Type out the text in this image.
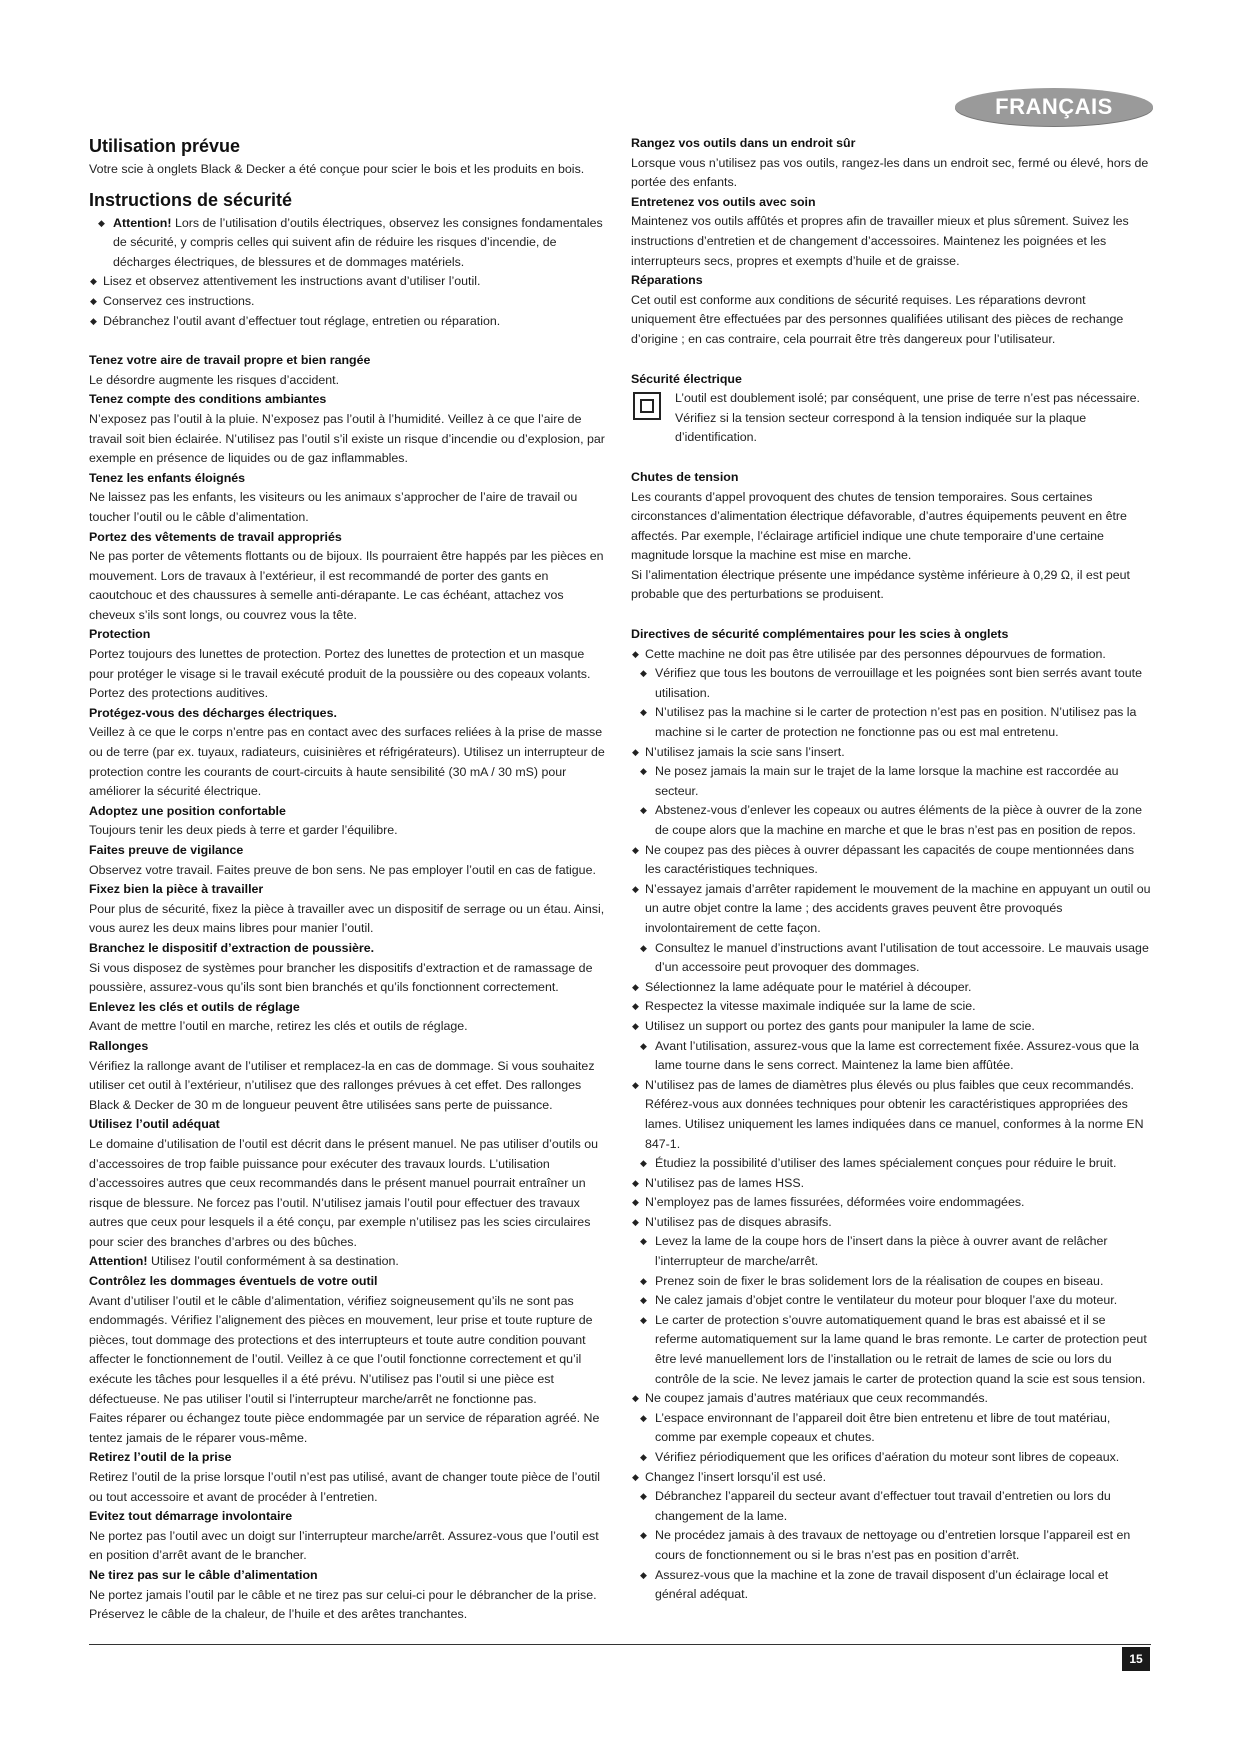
FRANÇAIS
Utilisation prévue

Votre scie à onglets Black & Decker a été conçue pour scier le bois et les produits en bois.

Instructions de sécurité

◆ Attention! Lors de l’utilisation d’outils électriques, observez les consignes fondamentales de sécurité, y compris celles qui suivent afin de réduire les risques d’incendie, de décharges électriques, de blessures et de dommages matériels.

◆ Lisez et observez attentivement les instructions avant d’utiliser l’outil.

◆ Conservez ces instructions.

◆ Débranchez l’outil avant d’effectuer tout réglage, entretien ou réparation.

Tenez votre aire de travail propre et bien rangée

Le désordre augmente les risques d’accident.

Tenez compte des conditions ambiantes

N’exposez pas l’outil à la pluie. N’exposez pas l’outil à l’humidité. Veillez à ce que l’aire de travail soit bien éclairée. N’utilisez pas l’outil s’il existe un risque d’incendie ou d’explosion, par exemple en présence de liquides ou de gaz inflammables.

Tenez les enfants éloignés

Ne laissez pas les enfants, les visiteurs ou les animaux s’approcher de l’aire de travail ou toucher l’outil ou le câble d’alimentation.

Portez des vêtements de travail appropriés

Ne pas porter de vêtements flottants ou de bijoux. Ils pourraient être happés par les pièces en mouvement. Lors de travaux à l’extérieur, il est recommandé de porter des gants en caoutchouc et des chaussures à semelle anti-dérapante. Le cas échéant, attachez vos cheveux s’ils sont longs, ou couvrez vous la tête.

Protection

Portez toujours des lunettes de protection. Portez des lunettes de protection et un masque pour protéger le visage si le travail exécuté produit de la poussière ou des copeaux volants. Portez des protections auditives.

Protégez-vous des décharges électriques.

Veillez à ce que le corps n’entre pas en contact avec des surfaces reliées à la prise de masse ou de terre (par ex. tuyaux, radiateurs, cuisinières et réfrigérateurs). Utilisez un interrupteur de protection contre les courants de court-circuits à haute sensibilité (30 mA / 30 mS) pour améliorer la sécurité électrique.

Adoptez une position confortable

Toujours tenir les deux pieds à terre et garder l’équilibre.

Faites preuve de vigilance

Observez votre travail. Faites preuve de bon sens. Ne pas employer l’outil en cas de fatigue.

Fixez bien la pièce à travailler

Pour plus de sécurité, fixez la pièce à travailler avec un dispositif de serrage ou un étau. Ainsi, vous aurez les deux mains libres pour manier l’outil.

Branchez le dispositif d’extraction de poussière.

Si vous disposez de systèmes pour brancher les dispositifs d’extraction et de ramassage de poussière, assurez-vous qu’ils sont bien branchés et qu’ils fonctionnent correctement.

Enlevez les clés et outils de réglage

Avant de mettre l’outil en marche, retirez les clés et outils de réglage.

Rallonges

Vérifiez la rallonge avant de l’utiliser et remplacez-la en cas de dommage. Si vous souhaitez utiliser cet outil à l’extérieur, n’utilisez que des rallonges prévues à cet effet. Des rallonges Black & Decker de 30 m de longueur peuvent être utilisées sans perte de puissance.

Utilisez l’outil adéquat

Le domaine d’utilisation de l’outil est décrit dans le présent manuel. Ne pas utiliser d’outils ou d’accessoires de trop faible puissance pour exécuter des travaux lourds. L’utilisation d’accessoires autres que ceux recommandés dans le présent manuel pourrait entraîner un risque de blessure. Ne forcez pas l’outil. N’utilisez jamais l’outil pour effectuer des travaux autres que ceux pour lesquels il a été conçu, par exemple n’utilisez pas les scies circulaires pour scier des branches d’arbres ou des bûches.

Attention! Utilisez l’outil conformément à sa destination.

Contrôlez les dommages éventuels de votre outil

Avant d’utiliser l’outil et le câble d’alimentation, vérifiez soigneusement qu’ils ne sont pas endommagés. Vérifiez l’alignement des pièces en mouvement, leur prise et toute rupture de pièces, tout dommage des protections et des interrupteurs et toute autre condition pouvant affecter le fonctionnement de l’outil. Veillez à ce que l’outil fonctionne correctement et qu’il exécute les tâches pour lesquelles il a été prévu. N’utilisez pas l’outil si une pièce est défectueuse. Ne pas utiliser l’outil si l’interrupteur marche/arrêt ne fonctionne pas.

Faites réparer ou échangez toute pièce endommagée par un service de réparation agréé. Ne tentez jamais de le réparer vous-même.

Retirez l’outil de la prise

Retirez l’outil de la prise lorsque l’outil n’est pas utilisé, avant de changer toute pièce de l’outil ou tout accessoire et avant de procéder à l’entretien.

Evitez tout démarrage involontaire

Ne portez pas l’outil avec un doigt sur l’interrupteur marche/arrêt. Assurez-vous que l’outil est en position d’arrêt avant de le brancher.

Ne tirez pas sur le câble d’alimentation

Ne portez jamais l’outil par le câble et ne tirez pas sur celui-ci pour le débrancher de la prise. Préservez le câble de la chaleur, de l’huile et des arêtes tranchantes.

Rangez vos outils dans un endroit sûr

Lorsque vous n’utilisez pas vos outils, rangez-les dans un endroit sec, fermé ou élevé, hors de portée des enfants.

Entretenez vos outils avec soin

Maintenez vos outils affûtés et propres afin de travailler mieux et plus sûrement. Suivez les instructions d’entretien et de changement d’accessoires. Maintenez les poignées et les interrupteurs secs, propres et exempts d’huile et de graisse.

Réparations

Cet outil est conforme aux conditions de sécurité requises. Les réparations devront uniquement être effectuées par des personnes qualifiées utilisant des pièces de rechange d’origine ; en cas contraire, cela pourrait être très dangereux pour l’utilisateur.

Sécurité électrique

L’outil est doublement isolé; par conséquent, une prise de terre n’est pas nécessaire. Vérifiez si la tension secteur correspond à la tension indiquée sur la plaque d’identification.

Chutes de tension

Les courants d’appel provoquent des chutes de tension temporaires. Sous certaines circonstances d’alimentation électrique défavorable, d’autres équipements peuvent en être affectés. Par exemple, l’éclairage artificiel indique une chute temporaire d’une certaine magnitude lorsque la machine est mise en marche.

Si l’alimentation électrique présente une impédance système inférieure à 0,29 Ω, il est peut probable que des perturbations se produisent.

Directives de sécurité complémentaires pour les scies à onglets

◆ Cette machine ne doit pas être utilisée par des personnes dépourvues de formation.

◆ Vérifiez que tous les boutons de verrouillage et les poignées sont bien serrés avant toute utilisation.

◆ N’utilisez pas la machine si le carter de protection n’est pas en position. N’utilisez pas la machine si le carter de protection ne fonctionne pas ou est mal entretenu.

◆ N’utilisez jamais la scie sans l’insert.

◆ Ne posez jamais la main sur le trajet de la lame lorsque la machine est raccordée au secteur.

◆ Abstenez-vous d’enlever les copeaux ou autres éléments de la pièce à ouvrer de la zone de coupe alors que la machine en marche et que le bras n’est pas en position de repos.

◆ Ne coupez pas des pièces à ouvrer dépassant les capacités de coupe mentionnées dans les caractéristiques techniques.

◆ N’essayez jamais d’arrêter rapidement le mouvement de la machine en appuyant un outil ou un autre objet contre la lame ; des accidents graves peuvent être provoqués involontairement de cette façon.

◆ Consultez le manuel d’instructions avant l’utilisation de tout accessoire. Le mauvais usage d’un accessoire peut provoquer des dommages.

◆ Sélectionnez la lame adéquate pour le matériel à découper.

◆ Respectez la vitesse maximale indiquée sur la lame de scie.

◆ Utilisez un support ou portez des gants pour manipuler la lame de scie.

◆ Avant l’utilisation, assurez-vous que la lame est correctement fixée. Assurez-vous que la lame tourne dans le sens correct. Maintenez la lame bien affûtée.

◆ N’utilisez pas de lames de diamètres plus élevés ou plus faibles que ceux recommandés. Référez-vous aux données techniques pour obtenir les caractéristiques appropriées des lames. Utilisez uniquement les lames indiquées dans ce manuel, conformes à la norme EN 847-1.

◆ Étudiez la possibilité d’utiliser des lames spécialement conçues pour réduire le bruit.

◆ N’utilisez pas de lames HSS.

◆ N’employez pas de lames fissurées, déformées voire endommagées.

◆ N’utilisez pas de disques abrasifs.

◆ Levez la lame de la coupe hors de l’insert dans la pièce à ouvrer avant de relâcher l’interrupteur de marche/arrêt.

◆ Prenez soin de fixer le bras solidement lors de la réalisation de coupes en biseau.

◆ Ne calez jamais d’objet contre le ventilateur du moteur pour bloquer l’axe du moteur.

◆ Le carter de protection s’ouvre automatiquement quand le bras est abaissé et il se referme automatiquement sur la lame quand le bras remonte. Le carter de protection peut être levé manuellement lors de l’installation ou le retrait de lames de scie ou lors du contrôle de la scie. Ne levez jamais le carter de protection quand la scie est sous tension.

◆ Ne coupez jamais d’autres matériaux que ceux recommandés.

◆ L’espace environnant de l’appareil doit être bien entretenu et libre de tout matériau, comme par exemple copeaux et chutes.

◆ Vérifiez périodiquement que les orifices d’aération du moteur sont libres de copeaux.

◆ Changez l’insert lorsqu’il est usé.

◆ Débranchez l’appareil du secteur avant d’effectuer tout travail d’entretien ou lors du changement de la lame.

◆ Ne procédez jamais à des travaux de nettoyage ou d’entretien lorsque l’appareil est en cours de fonctionnement ou si le bras n’est pas en position d’arrêt.

◆ Assurez-vous que la machine et la zone de travail disposent d’un éclairage local et général adéquat.

15
